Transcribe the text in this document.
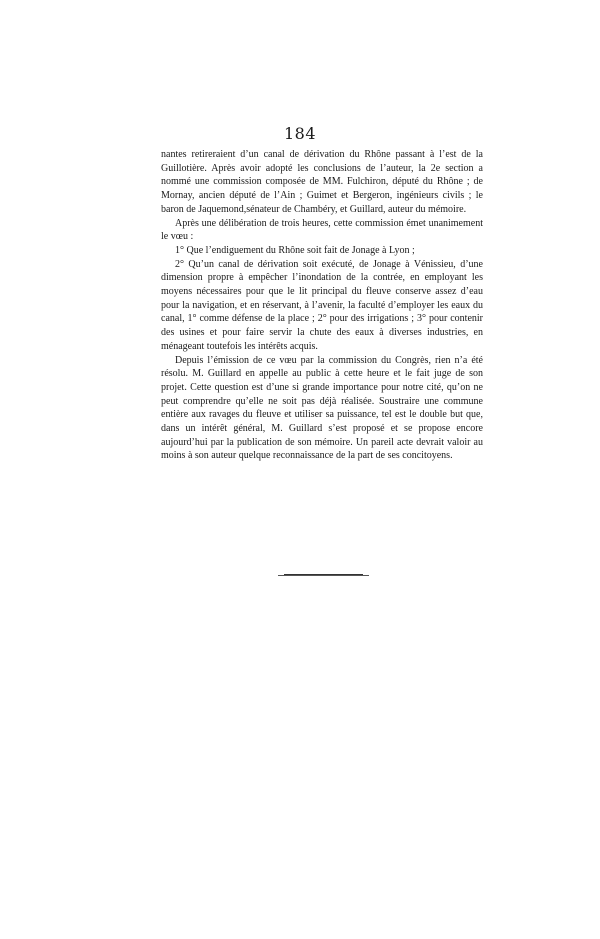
184

nantes retireraient d’un canal de dérivation du Rhône passant à l’est de la Guillotière. Après avoir adopté les conclusions de l’auteur, la 2e section a nommé une commission composée de MM. Fulchiron, député du Rhône ; de Mornay, ancien député de l’Ain ; Guimet et Bergeron, ingénieurs civils ; le baron de Jaquemond,sénateur de Chambéry, et Guillard, auteur du mémoire.

Après une délibération de trois heures, cette commission émet unanimement le vœu :

1° Que l’endiguement du Rhône soit fait de Jonage à Lyon ;

2° Qu’un canal de dérivation soit exécuté, de Jonage à Vénissieu, d’une dimension propre à empêcher l’inondation de la contrée, en employant les moyens nécessaires pour que le lit principal du fleuve conserve assez d’eau pour la navigation, et en réservant, à l’avenir, la faculté d’employer les eaux du canal, 1° comme défense de la place ; 2° pour des irrigations ; 3° pour contenir des usines et pour faire servir la chute des eaux à diverses industries, en ménageant toutefois les intérêts acquis.

Depuis l’émission de ce vœu par la commission du Congrès, rien n’a été résolu. M. Guillard en appelle au public à cette heure et le fait juge de son projet. Cette question est d’une si grande importance pour notre cité, qu’on ne peut comprendre qu’elle ne soit pas déjà réalisée. Soustraire une commune entière aux ravages du fleuve et utiliser sa puissance, tel est le double but que, dans un intérêt général, M. Guillard s’est proposé et se propose encore aujourd’hui par la publication de son mémoire. Un pareil acte devrait valoir au moins à son auteur quelque reconnaissance de la part de ses concitoyens.
